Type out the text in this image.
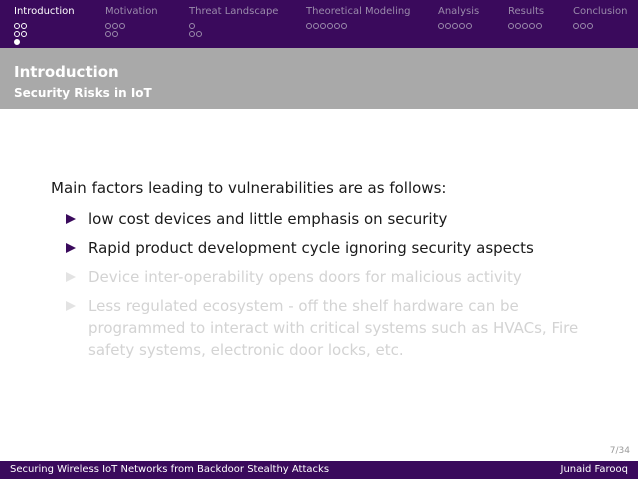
Introduction	Motivation	Threat Landscape	Theoretical Modeling	Analysis	Results	Conclusion
Introduction
Security Risks in IoT
Main factors leading to vulnerabilities are as follows:
low cost devices and little emphasis on security
Rapid product development cycle ignoring security aspects
Device inter-operability opens doors for malicious activity
Less regulated ecosystem - off the shelf hardware can be programmed to interact with critical systems such as HVACs, Fire safety systems, electronic door locks, etc.
7/34
Securing Wireless IoT Networks from Backdoor Stealthy Attacks	Junaid Farooq
